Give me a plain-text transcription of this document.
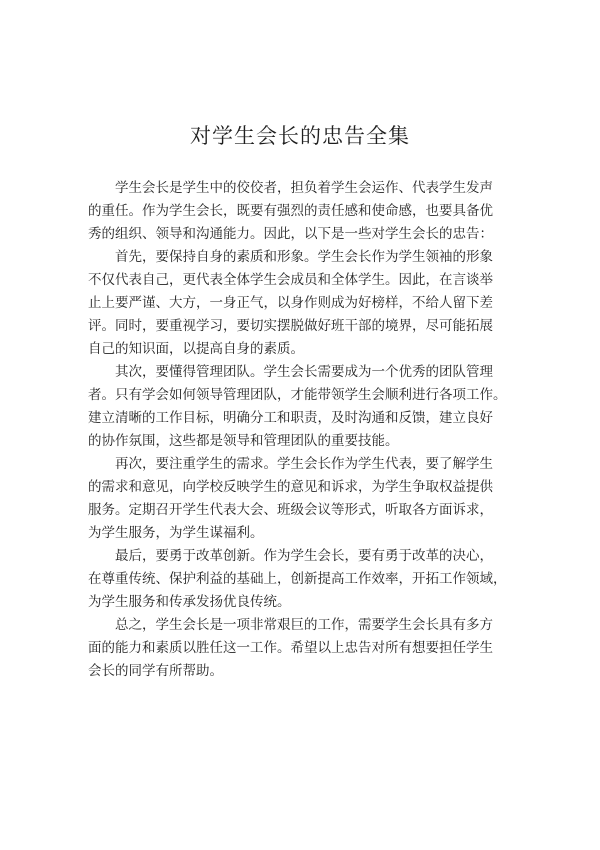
对学生会长的忠告全集
学生会长是学生中的佼佼者，担负着学生会运作、代表学生发声
的重任。作为学生会长，既要有强烈的责任感和使命感，也要具备优
秀的组织、领导和沟通能力。因此，以下是一些对学生会长的忠告：
首先，要保持自身的素质和形象。学生会长作为学生领袖的形象
不仅代表自己，更代表全体学生会成员和全体学生。因此，在言谈举
止上要严谨、大方，一身正气，以身作则成为好榜样，不给人留下差
评。同时，要重视学习，要切实摆脱做好班干部的境界，尽可能拓展
自己的知识面，以提高自身的素质。
其次，要懂得管理团队。学生会长需要成为一个优秀的团队管理
者。只有学会如何领导管理团队，才能带领学生会顺利进行各项工作。
建立清晰的工作目标，明确分工和职责，及时沟通和反馈，建立良好
的协作氛围，这些都是领导和管理团队的重要技能。
再次，要注重学生的需求。学生会长作为学生代表，要了解学生
的需求和意见，向学校反映学生的意见和诉求，为学生争取权益提供
服务。定期召开学生代表大会、班级会议等形式，听取各方面诉求，
为学生服务，为学生谋福利。
最后，要勇于改革创新。作为学生会长，要有勇于改革的决心，
在尊重传统、保护利益的基础上，创新提高工作效率，开拓工作领域，
为学生服务和传承发扬优良传统。
总之，学生会长是一项非常艰巨的工作，需要学生会长具有多方
面的能力和素质以胜任这一工作。希望以上忠告对所有想要担任学生
会长的同学有所帮助。
